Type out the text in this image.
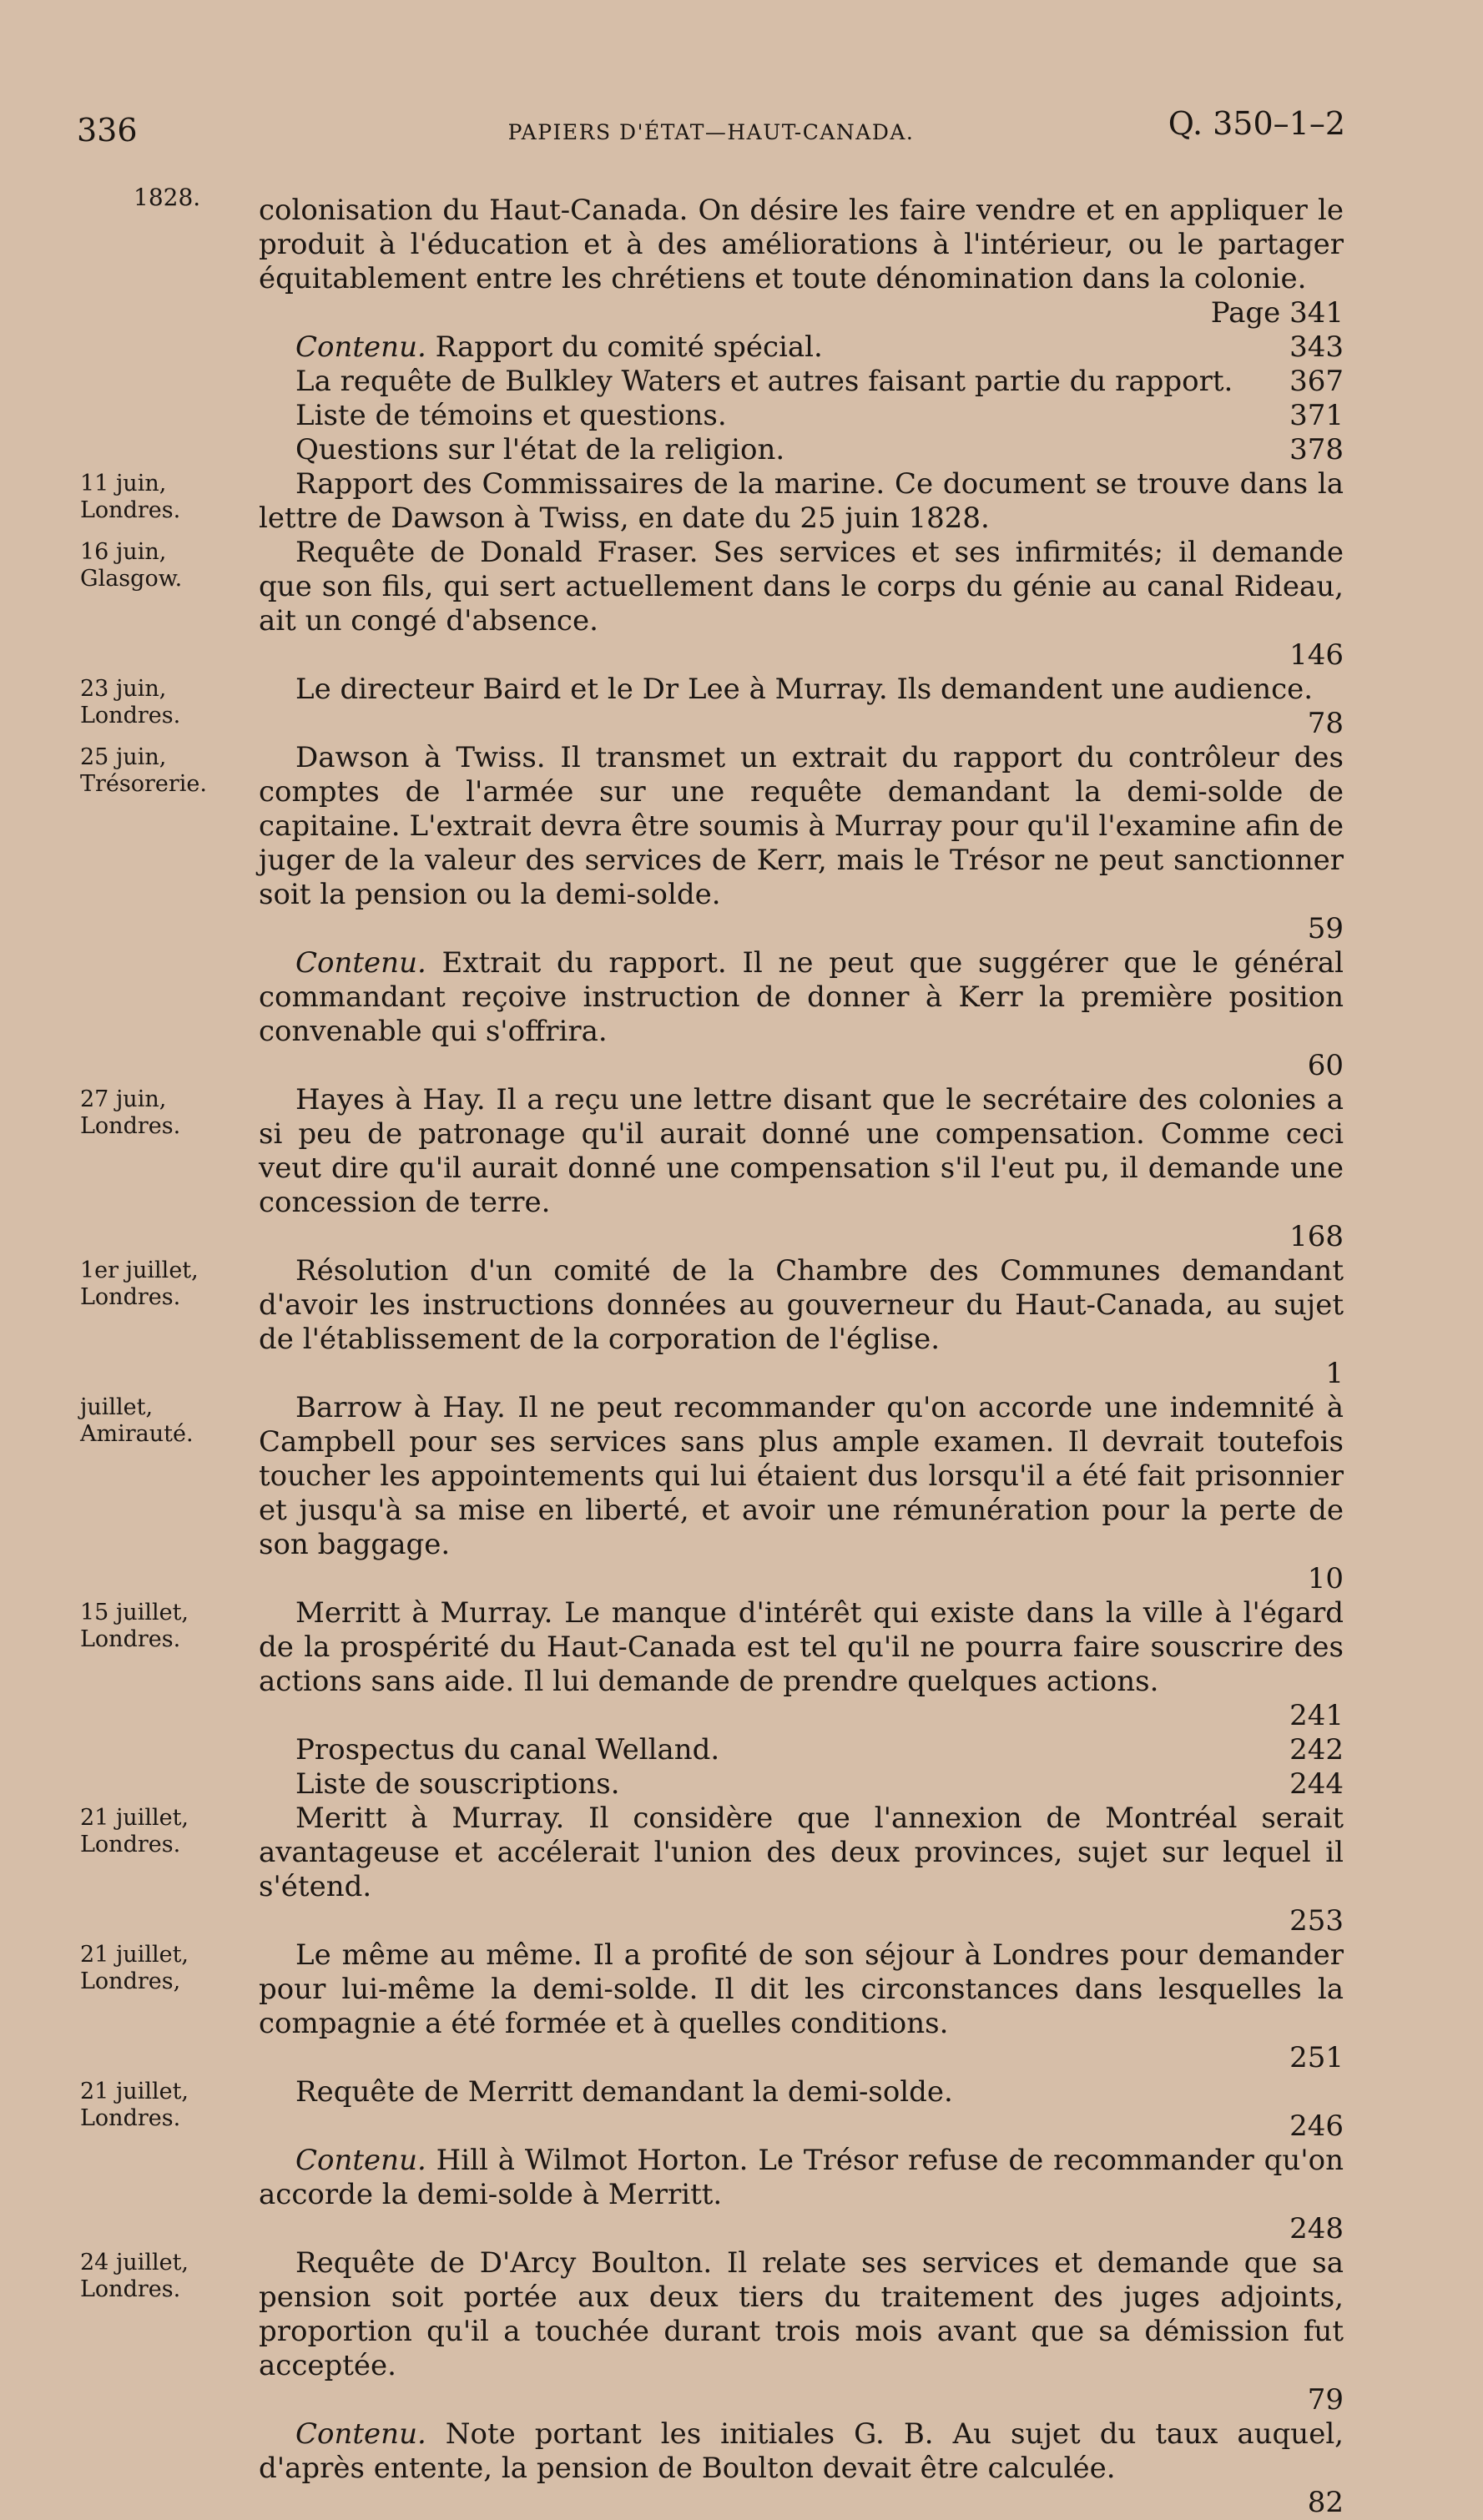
336	PAPIERS D'ÉTAT—HAUT-CANADA.	Q. 350–1–2
1828. colonisation du Haut-Canada. On désire les faire vendre et en appliquer le produit à l'éducation et à des améliorations à l'intérieur, ou le partager équitablement entre les chrétiens et toute dénomination dans la colonie.
Page 341

343
Contenu. Rapport du comité spécial.

367
La requête de Bulkley Waters et autres faisant partie du rapport.

371
Liste de témoins et questions.

378
Questions sur l'état de la religion.

11 juin,
Londres.

Rapport des Commissaires de la marine. Ce document se trouve dans la lettre de Dawson à Twiss, en date du 25 juin 1828.

16 juin,
Glasgow.

Requête de Donald Fraser. Ses services et ses infirmités; il demande que son fils, qui sert actuellement dans le corps du génie au canal Rideau, ait un congé d'absence.
146

23 juin,
Londres.

Le directeur Baird et le Dr Lee à Murray. Ils demandent une audience.
78

25 juin,
Trésorerie.

Dawson à Twiss. Il transmet un extrait du rapport du contrôleur des comptes de l'armée sur une requête demandant la demi-solde de capitaine. L'extrait devra être soumis à Murray pour qu'il l'examine afin de juger de la valeur des services de Kerr, mais le Trésor ne peut sanctionner soit la pension ou la demi-solde.
59

Contenu. Extrait du rapport. Il ne peut que suggérer que le général commandant reçoive instruction de donner à Kerr la première position convenable qui s'offrira.
60

27 juin,
Londres.

Hayes à Hay. Il a reçu une lettre disant que le secrétaire des colonies a si peu de patronage qu'il aurait donné une compensation. Comme ceci veut dire qu'il aurait donné une compensation s'il l'eut pu, il demande une concession de terre.
168

1er juillet,
Londres.

Résolution d'un comité de la Chambre des Communes demandant d'avoir les instructions données au gouverneur du Haut-Canada, au sujet de l'établissement de la corporation de l'église.
1

juillet,
Amirauté.

Barrow à Hay. Il ne peut recommander qu'on accorde une indemnité à Campbell pour ses services sans plus ample examen. Il devrait toutefois toucher les appointements qui lui étaient dus lorsqu'il a été fait prisonnier et jusqu'à sa mise en liberté, et avoir une rémunération pour la perte de son baggage.
10

15 juillet,
Londres.

Merritt à Murray. Le manque d'intérêt qui existe dans la ville à l'égard de la prospérité du Haut-Canada est tel qu'il ne pourra faire souscrire des actions sans aide. Il lui demande de prendre quelques actions.
241

242
Prospectus du canal Welland.

244
Liste de souscriptions.

21 juillet,
Londres.

Meritt à Murray. Il considère que l'annexion de Montréal serait avantageuse et accélerait l'union des deux provinces, sujet sur lequel il s'étend.
253

21 juillet,
Londres,

Le même au même. Il a profité de son séjour à Londres pour demander pour lui-même la demi-solde. Il dit les circonstances dans lesquelles la compagnie a été formée et à quelles conditions.
251

21 juillet,
Londres.

Requête de Merritt demandant la demi-solde.
246

Contenu. Hill à Wilmot Horton. Le Trésor refuse de recommander qu'on accorde la demi-solde à Merritt.
248

24 juillet,
Londres.

Requête de D'Arcy Boulton. Il relate ses services et demande que sa pension soit portée aux deux tiers du traitement des juges adjoints, proportion qu'il a touchée durant trois mois avant que sa démission fut acceptée.
79

Contenu. Note portant les initiales G. B. Au sujet du taux auquel, d'après entente, la pension de Boulton devait être calculée.
82
